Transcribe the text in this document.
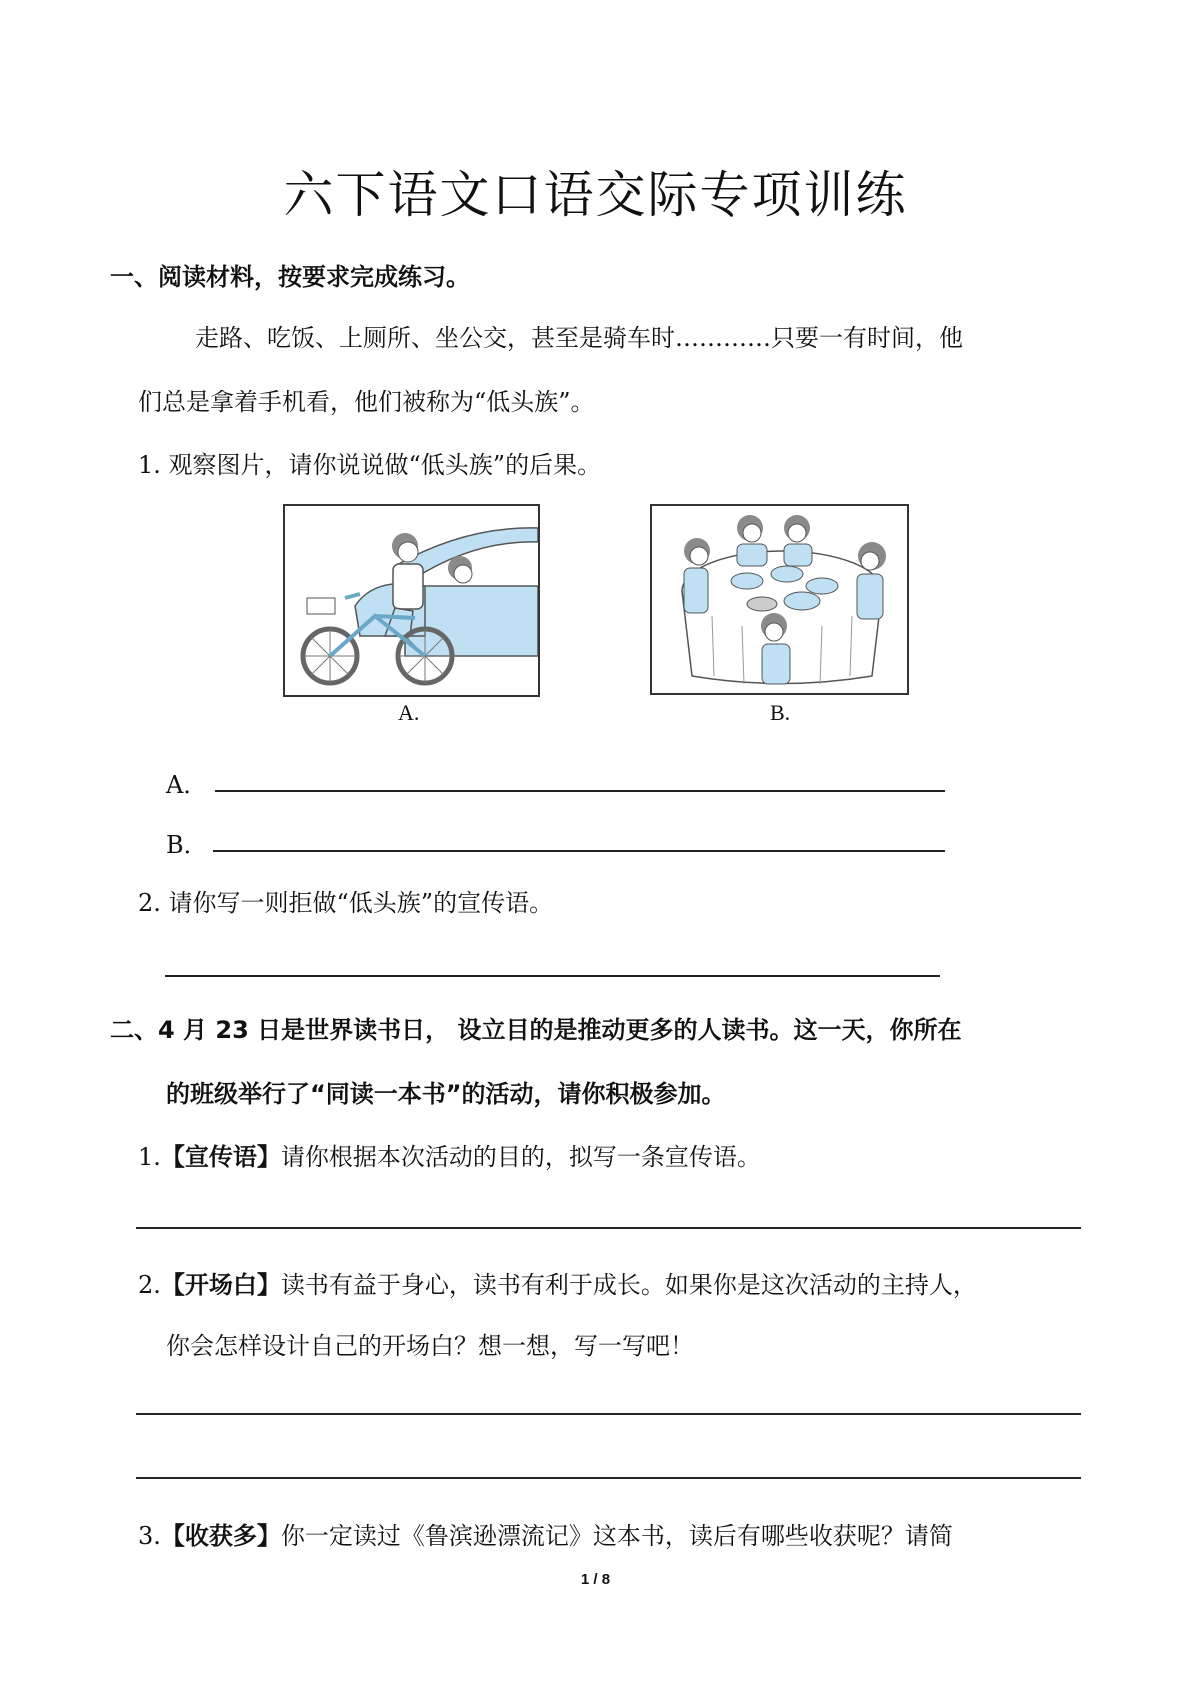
六下语文口语交际专项训练
一、阅读材料，按要求完成练习。
走路、吃饭、上厕所、坐公交，甚至是骑车时…………只要一有时间，他
们总是拿着手机看，他们被称为“低头族”。
1. 观察图片，请你说说做“低头族”的后果。
A.	B.
A．
B．
2. 请你写一则拒做“低头族”的宣传语。
二、4 月 23 日是世界读书日， 设立目的是推动更多的人读书。这一天，你所在
的班级举行了“同读一本书”的活动，请你积极参加。
1.【宣传语】请你根据本次活动的目的，拟写一条宣传语。
2.【开场白】读书有益于身心，读书有利于成长。如果你是这次活动的主持人，
你会怎样设计自己的开场白？想一想，写一写吧！
3.【收获多】你一定读过《鲁滨逊漂流记》这本书，读后有哪些收获呢？请简
1 / 8
